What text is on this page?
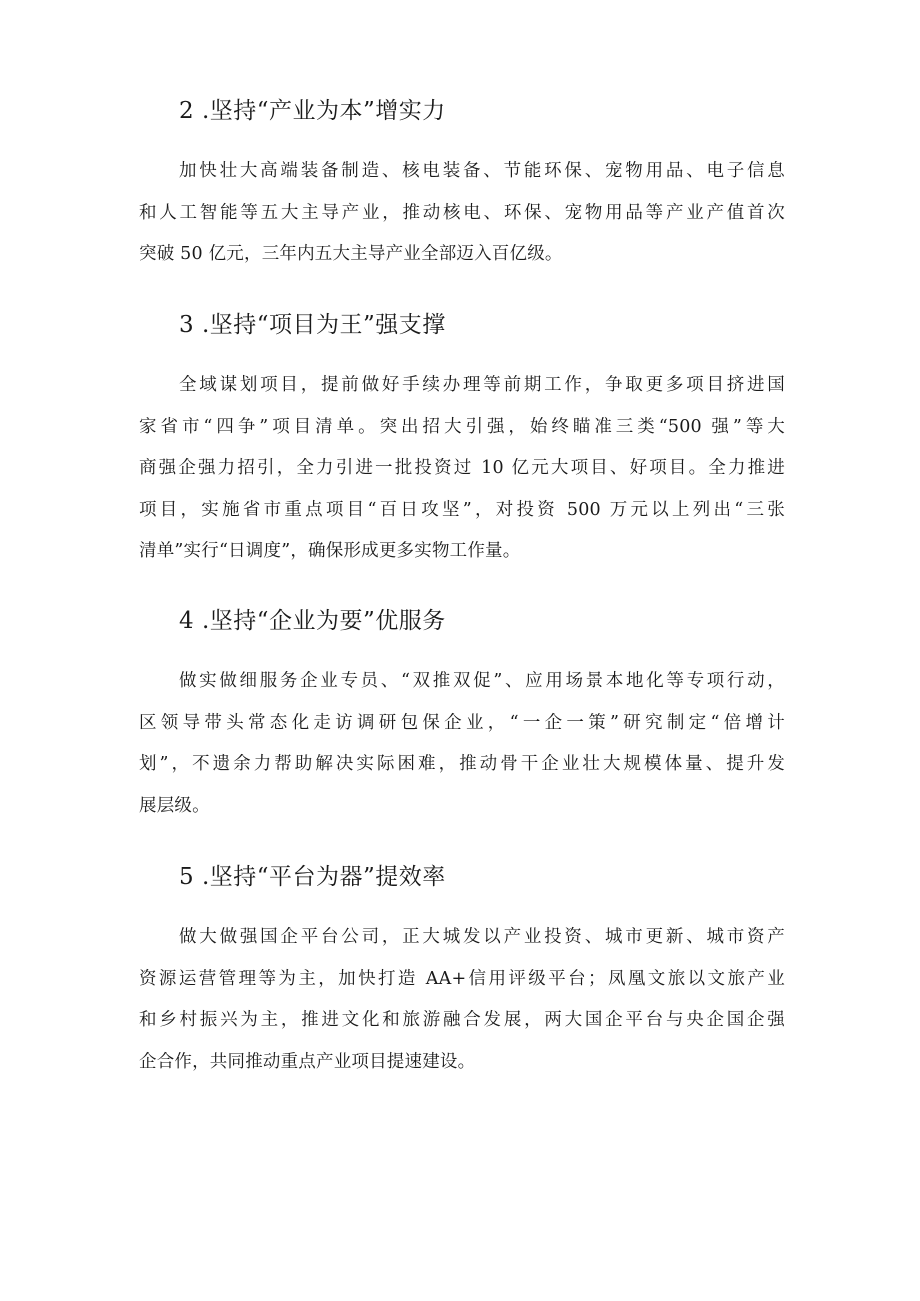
2 .坚持“产业为本”增实力
加快壮大高端装备制造、核电装备、节能环保、宠物用品、电子信息
和人工智能等五大主导产业，推动核电、环保、宠物用品等产业产值首次
突破 50 亿元，三年内五大主导产业全部迈入百亿级。
3 .坚持“项目为王”强支撑
全域谋划项目，提前做好手续办理等前期工作，争取更多项目挤进国
家省市“四争”项目清单。突出招大引强，始终瞄准三类“500 强”等大
商强企强力招引，全力引进一批投资过 10 亿元大项目、好项目。全力推进
项目，实施省市重点项目“百日攻坚”，对投资 500 万元以上列出“三张
清单”实行“日调度”，确保形成更多实物工作量。
4 .坚持“企业为要”优服务
做实做细服务企业专员、“双推双促”、应用场景本地化等专项行动，
区领导带头常态化走访调研包保企业，“一企一策”研究制定“倍增计
划”，不遗余力帮助解决实际困难，推动骨干企业壮大规模体量、提升发
展层级。
5 .坚持“平台为器”提效率
做大做强国企平台公司，正大城发以产业投资、城市更新、城市资产
资源运营管理等为主，加快打造 AA+信用评级平台；凤凰文旅以文旅产业
和乡村振兴为主，推进文化和旅游融合发展，两大国企平台与央企国企强
企合作，共同推动重点产业项目提速建设。
